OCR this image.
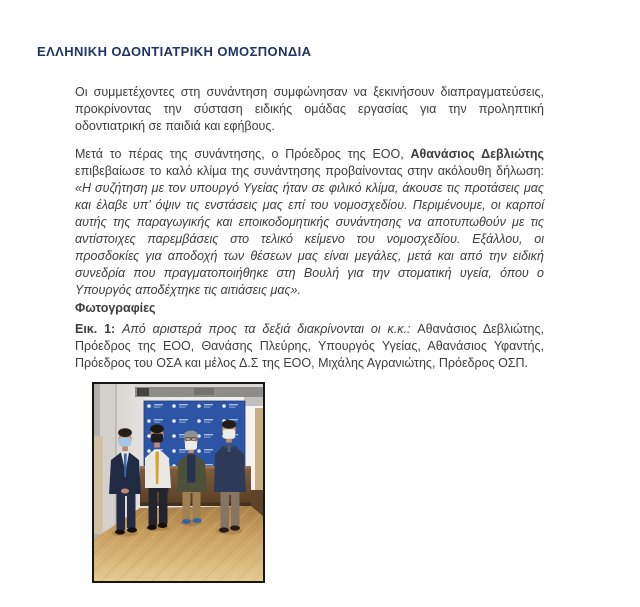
ΕΛΛΗΝΙΚΗ ΟΔΟΝΤΙΑΤΡΙΚΗ ΟΜΟΣΠΟΝΔΙΑ

Οι συμμετέχοντες στη συνάντηση συμφώνησαν να ξεκινήσουν διαπραγματεύσεις, προκρίνοντας την σύσταση ειδικής ομάδας εργασίας για την προληπτική οδοντιατρική σε παιδιά και εφήβους.

Μετά το πέρας της συνάντησης, ο Πρόεδρος της ΕΟΟ, Αθανάσιος Δεβλιώτης επιβεβαίωσε το καλό κλίμα της συνάντησης προβαίνοντας στην ακόλουθη δήλωση: «Η συζήτηση με τον υπουργό Υγείας ήταν σε φιλικό κλίμα, άκουσε τις προτάσεις μας και έλαβε υπ’ όψιν τις ενστάσεις μας επί του νομοσχεδίου. Περιμένουμε, οι καρποί αυτής της παραγωγικής και εποικοδομητικής συνάντησης να αποτυπωθούν με τις αντίστοιχες παρεμβάσεις στο τελικό κείμενο του νομοσχεδίου. Εξάλλου, οι προσδοκίες για αποδοχή των θέσεων μας είναι μεγάλες, μετά και από την ειδική συνεδρία που πραγματοποιήθηκε στη Βουλή για την στοματική υγεία, όπου ο Υπουργός αποδέχτηκε τις αιτιάσεις μας».

Φωτογραφίες

Εικ. 1: Από αριστερά προς τα δεξιά διακρίνονται οι κ.κ.: Αθανάσιος Δεβλιώτης, Πρόεδρος της ΕΟΟ, Θανάσης Πλεύρης, Υπουργός Υγείας, Αθανάσιος Υφαντής, Πρόεδρος του ΟΣΑ και μέλος Δ.Σ της ΕΟΟ, Μιχάλης Αγρανιώτης, Πρόεδρος ΟΣΠ.
